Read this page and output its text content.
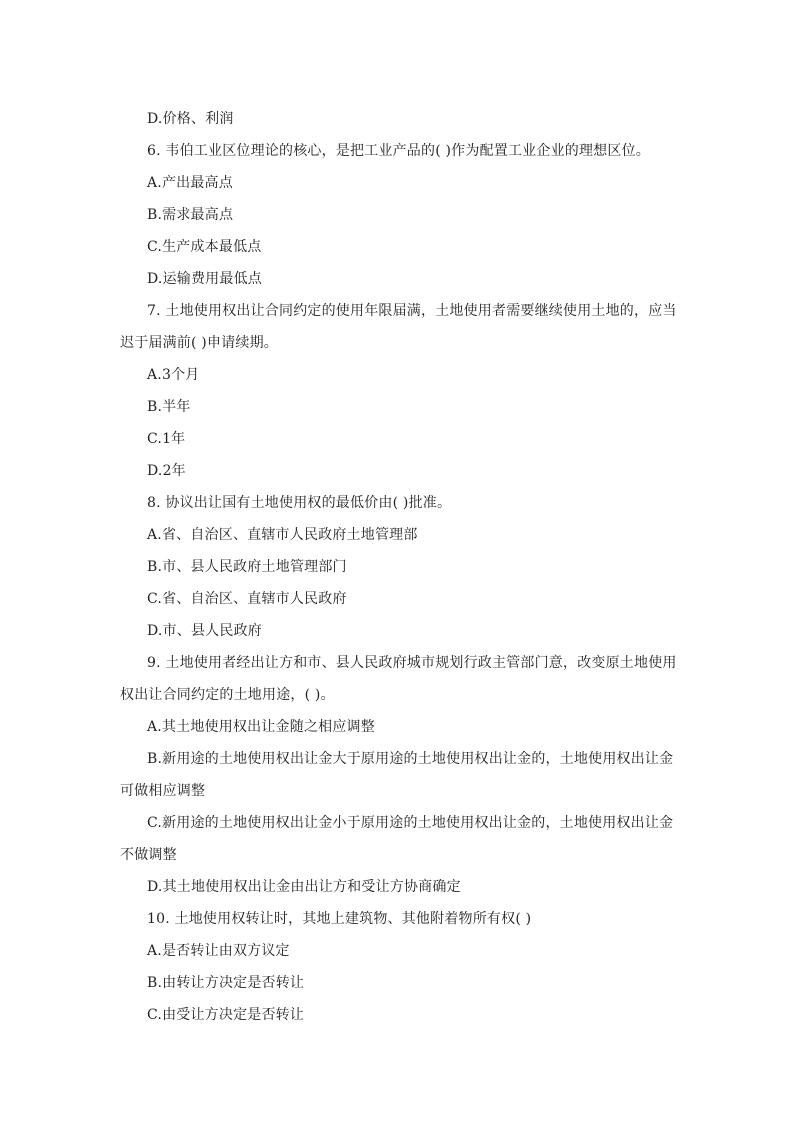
D.价格、利润
6. 韦伯工业区位理论的核心，是把工业产品的( )作为配置工业企业的理想区位。
A.产出最高点
B.需求最高点
C.生产成本最低点
D.运输费用最低点
7. 土地使用权出让合同约定的使用年限届满，土地使用者需要继续使用土地的，应当
迟于届满前( )申请续期。
A.3个月
B.半年
C.1年
D.2年
8. 协议出让国有土地使用权的最低价由( )批准。
A.省、自治区、直辖市人民政府土地管理部
B.市、县人民政府土地管理部门
C.省、自治区、直辖市人民政府
D.市、县人民政府
9. 土地使用者经出让方和市、县人民政府城市规划行政主管部门意，改变原土地使用
权出让合同约定的土地用途，( )。
A.其土地使用权出让金随之相应调整
B.新用途的土地使用权出让金大于原用途的土地使用权出让金的，土地使用权出让金
可做相应调整
C.新用途的土地使用权出让金小于原用途的土地使用权出让金的，土地使用权出让金
不做调整
D.其土地使用权出让金由出让方和受让方协商确定
10. 土地使用权转让时，其地上建筑物、其他附着物所有权( )
A.是否转让由双方议定
B.由转让方决定是否转让
C.由受让方决定是否转让
